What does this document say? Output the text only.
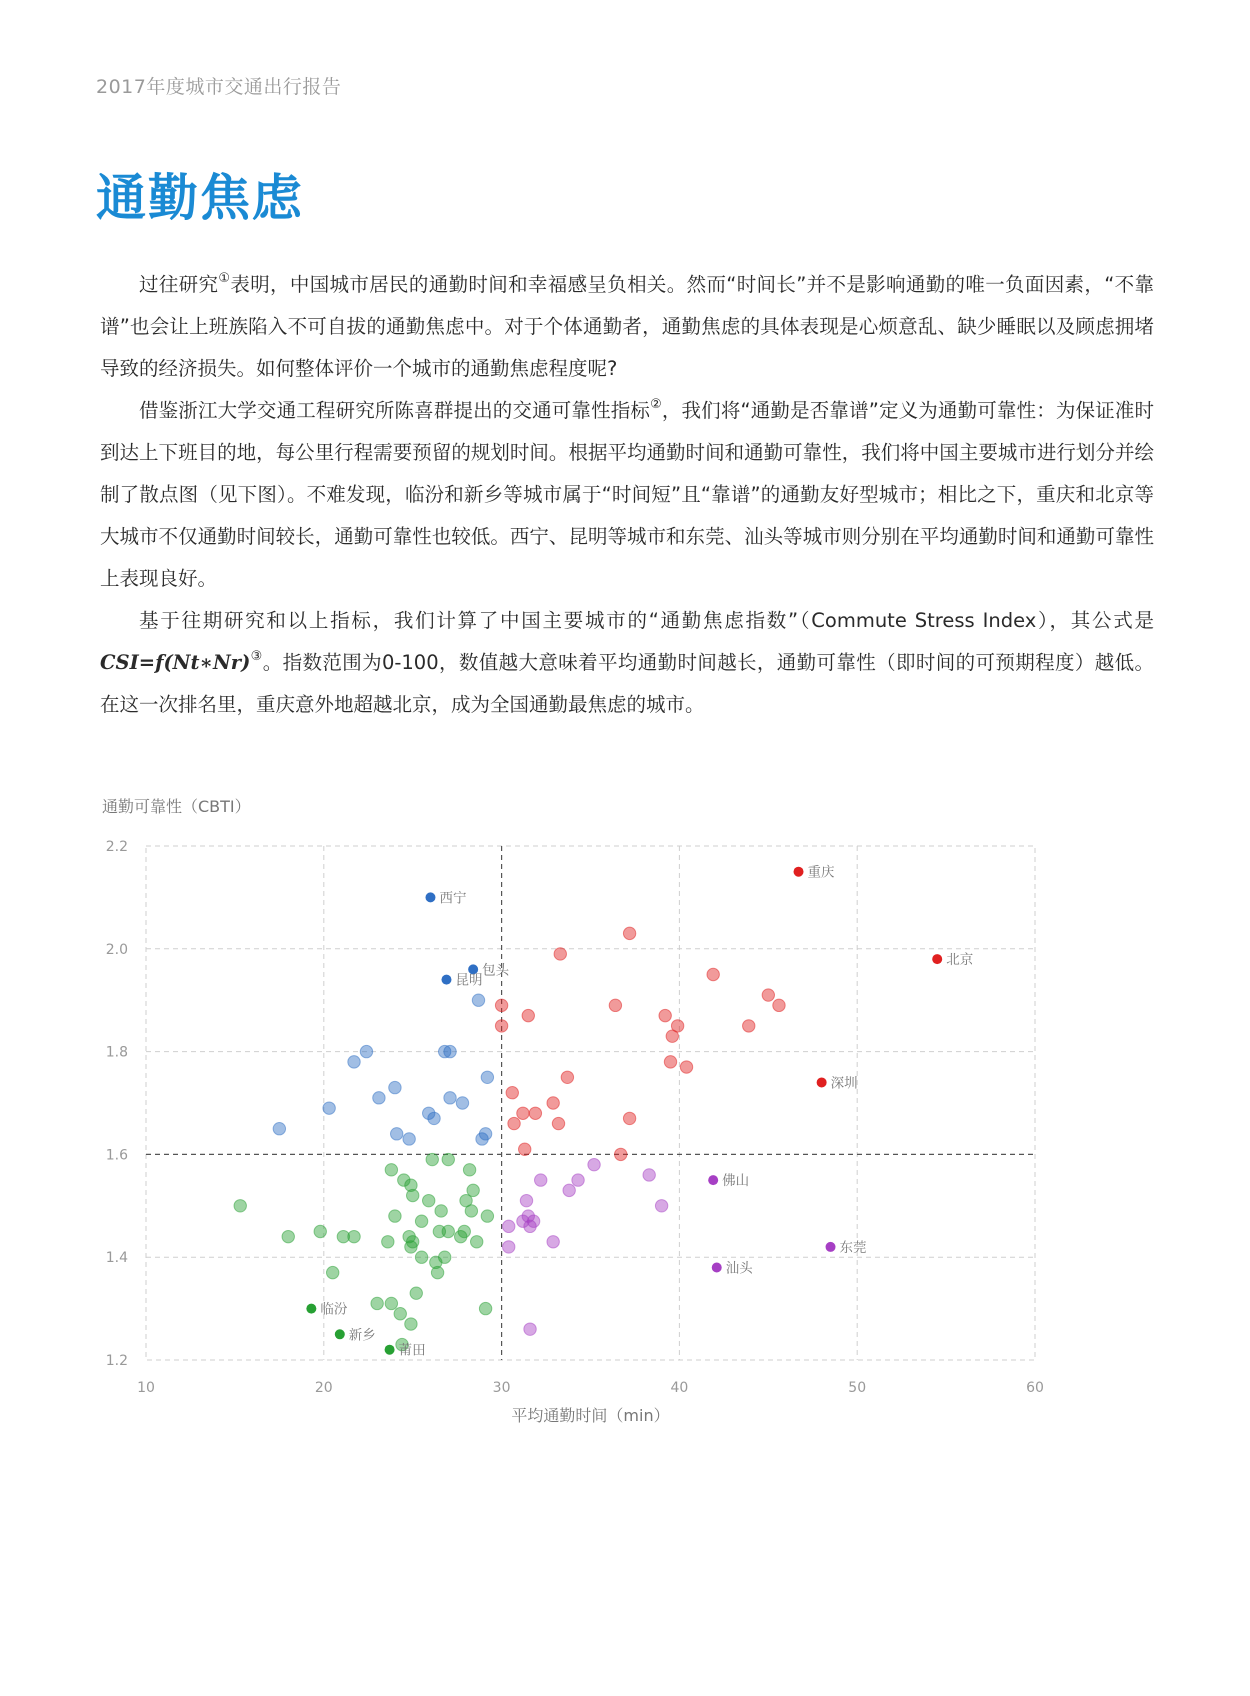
2017年度城市交通出行报告
通勤焦虑

过往研究①表明，中国城市居民的通勤时间和幸福感呈负相关。然而“时间长”并不是影响通勤的唯一负面因素，“不靠谱”也会让上班族陷入不可自拔的通勤焦虑中。对于个体通勤者，通勤焦虑的具体表现是心烦意乱、缺少睡眠以及顾虑拥堵导致的经济损失。如何整体评价一个城市的通勤焦虑程度呢?

借鉴浙江大学交通工程研究所陈喜群提出的交通可靠性指标②，我们将“通勤是否靠谱”定义为通勤可靠性：为保证准时到达上下班目的地，每公里行程需要预留的规划时间。根据平均通勤时间和通勤可靠性，我们将中国主要城市进行划分并绘制了散点图（见下图）。不难发现，临汾和新乡等城市属于“时间短”且“靠谱”的通勤友好型城市；相比之下，重庆和北京等大城市不仅通勤时间较长，通勤可靠性也较低。西宁、昆明等城市和东莞、汕头等城市则分别在平均通勤时间和通勤可靠性上表现良好。

基于往期研究和以上指标，我们计算了中国主要城市的“通勤焦虑指数”（Commute Stress Index），其公式是 CSI=f(Nt∗Nr)③。指数范围为0-100，数值越大意味着平均通勤时间越长，通勤可靠性（即时间的可预期程度）越低。在这一次排名里，重庆意外地超越北京，成为全国通勤最焦虑的城市。

10	20	30	40	50	60
1.2
1.4
1.6
1.8
2.0
2.2
重庆
北京
深圳
西宁
包头
昆明
佛山
东莞
汕头
临汾
新乡
莆田
通勤可靠性（CBTI）
平均通勤时间（min）
